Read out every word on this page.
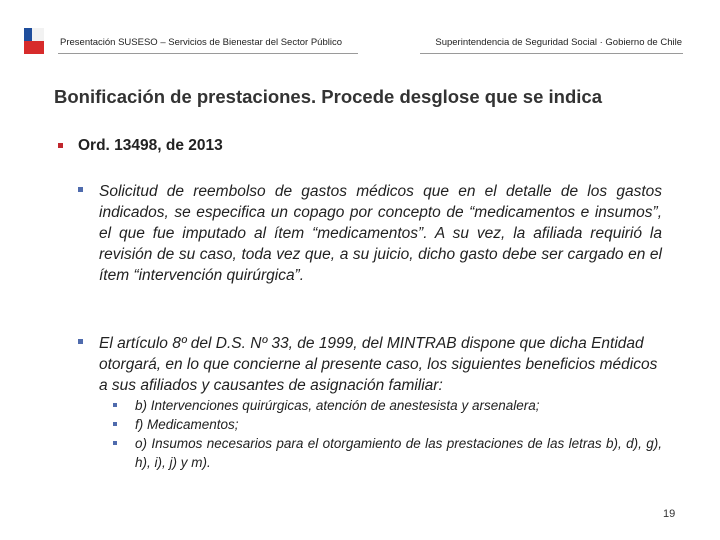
Presentación SUSESO – Servicios de Bienestar del Sector Público	Superintendencia de Seguridad Social · Gobierno de Chile
Bonificación de prestaciones. Procede desglose que se indica
Ord. 13498, de 2013
Solicitud de reembolso de gastos médicos que en el detalle de los gastos indicados, se especifica un copago por concepto de “medicamentos e insumos”, el que fue imputado al ítem “medicamentos”. A su vez, la afiliada requirió la revisión de su caso, toda vez que, a su juicio, dicho gasto debe ser cargado en el ítem “intervención quirúrgica”.
El artículo 8º del D.S. Nº 33, de 1999, del MINTRAB dispone que dicha Entidad otorgará, en lo que concierne al presente caso, los siguientes beneficios médicos a sus afiliados y causantes de asignación familiar:
b) Intervenciones quirúrgicas, atención de anestesista y arsenalera;
f) Medicamentos;
o) Insumos necesarios para el otorgamiento de las prestaciones de las letras b), d), g), h), i), j) y m).
19
